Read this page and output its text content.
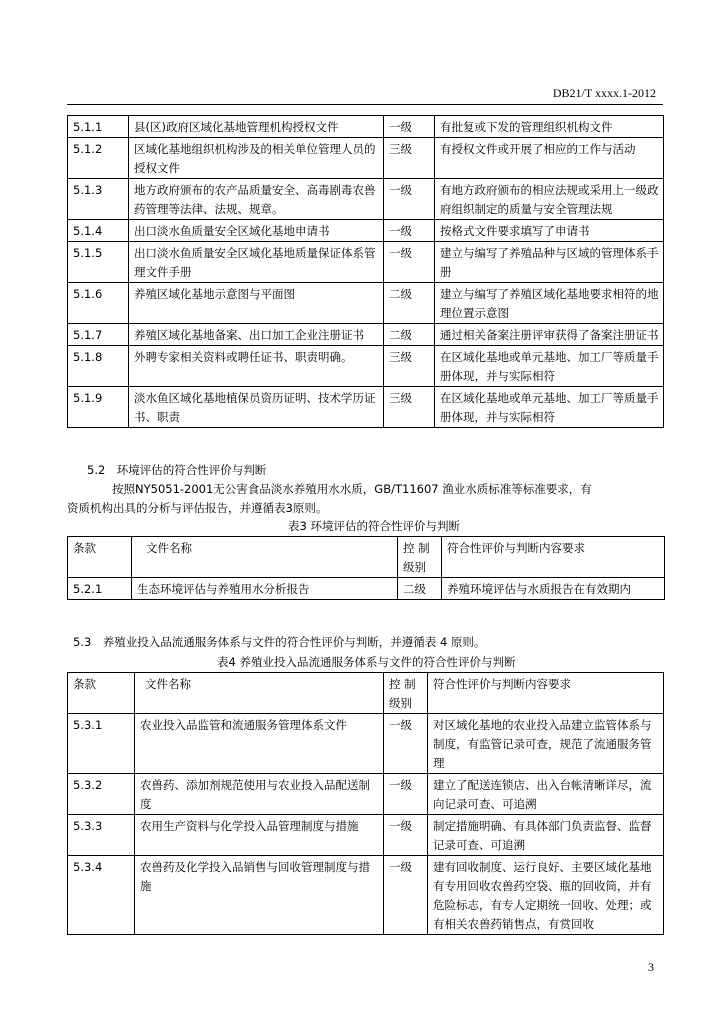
DB21/T xxxx.1-2012
5.1.1	县(区)政府区域化基地管理机构授权文件	一级	有批复或下发的管理组织机构文件
5.1.2	区域化基地组织机构涉及的相关单位管理人员的授权文件	三级	有授权文件或开展了相应的工作与活动
5.1.3	地方政府颁布的农产品质量安全、高毒剧毒农兽药管理等法律、法规、规章。	一级	有地方政府颁布的相应法规或采用上一级政府组织制定的质量与安全管理法规
5.1.4	出口淡水鱼质量安全区域化基地申请书	一级	按格式文件要求填写了申请书
5.1.5	出口淡水鱼质量安全区域化基地质量保证体系管理文件手册	一级	建立与编写了养殖品种与区域的管理体系手册
5.1.6	养殖区域化基地示意图与平面图	二级	建立与编写了养殖区域化基地要求相符的地理位置示意图
5.1.7	养殖区域化基地备案、出口加工企业注册证书	二级	通过相关备案注册评审获得了备案注册证书
5.1.8	外聘专家相关资料或聘任证书、职责明确。	三级	在区域化基地或单元基地、加工厂等质量手册体现，并与实际相符
5.1.9	淡水鱼区域化基地植保员资历证明、技术学历证书、职责	三级	在区域化基地或单元基地、加工厂等质量手册体现，并与实际相符
5.2　环境评估的符合性评价与判断
按照NY5051-2001无公害食品淡水养殖用水水质，GB/T11607 渔业水质标准等标准要求，有
资质机构出具的分析与评估报告，并遵循表3原则。
表3 环境评估的符合性评价与判断
条款	文件名称	控 制级别	符合性评价与判断内容要求
5.2.1	生态环境评估与养殖用水分析报告	二级	养殖环境评估与水质报告在有效期内
5.3　养殖业投入品流通服务体系与文件的符合性评价与判断，并遵循表 4 原则。
表4 养殖业投入品流通服务体系与文件的符合性评价与判断
条款	文件名称	控 制级别	符合性评价与判断内容要求
5.3.1	农业投入品监管和流通服务管理体系文件	一级	对区域化基地的农业投入品建立监管体系与制度，有监管记录可查，规范了流通服务管理
5.3.2	农兽药、添加剂规范使用与农业投入品配送制度	一级	建立了配送连锁店、出入台帐清晰详尽，流向记录可查、可追溯
5.3.3	农用生产资料与化学投入品管理制度与措施	一级	制定措施明确、有具体部门负责监督、监督记录可查、可追溯
5.3.4	农兽药及化学投入品销售与回收管理制度与措施	一级	建有回收制度、运行良好、主要区域化基地有专用回收农兽药空袋、瓶的回收筒，并有危险标志，有专人定期统一回收、处理；或有相关农兽药销售点，有赏回收
3
